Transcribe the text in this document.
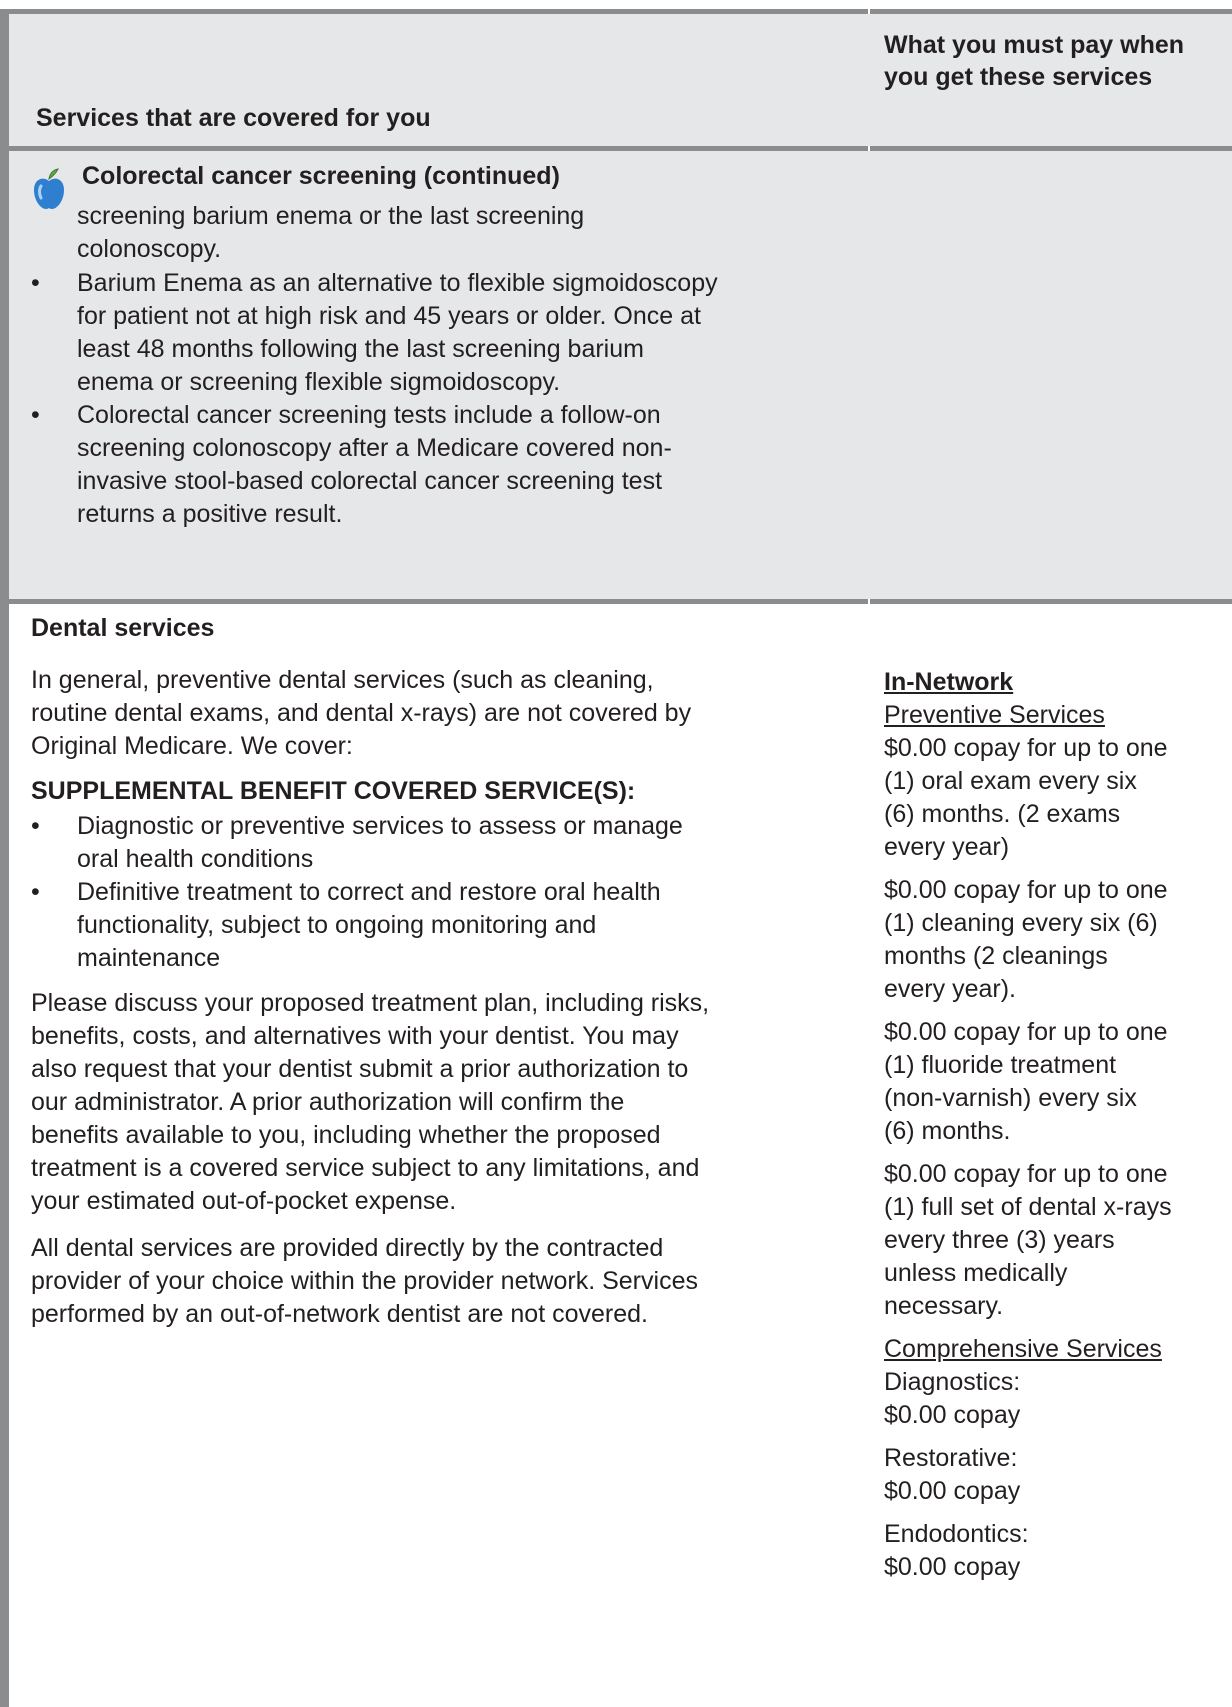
Services that are covered for you
What you must pay when you get these services
Colorectal cancer screening (continued)
screening barium enema or the last screening
colonoscopy.
• Barium Enema as an alternative to flexible sigmoidoscopy
for patient not at high risk and 45 years or older. Once at
least 48 months following the last screening barium
enema or screening flexible sigmoidoscopy.
• Colorectal cancer screening tests include a follow-on
screening colonoscopy after a Medicare covered non-
invasive stool-based colorectal cancer screening test
returns a positive result.
Dental services
In general, preventive dental services (such as cleaning,
routine dental exams, and dental x-rays) are not covered by
Original Medicare. We cover:
SUPPLEMENTAL BENEFIT COVERED SERVICE(S):
• Diagnostic or preventive services to assess or manage
oral health conditions
• Definitive treatment to correct and restore oral health
functionality, subject to ongoing monitoring and
maintenance
Please discuss your proposed treatment plan, including risks,
benefits, costs, and alternatives with your dentist. You may
also request that your dentist submit a prior authorization to
our administrator. A prior authorization will confirm the
benefits available to you, including whether the proposed
treatment is a covered service subject to any limitations, and
your estimated out-of-pocket expense.
All dental services are provided directly by the contracted
provider of your choice within the provider network. Services
performed by an out-of-network dentist are not covered.

In-Network

Preventive Services

$0.00 copay for up to one
(1) oral exam every six
(6) months. (2 exams
every year)

$0.00 copay for up to one
(1) cleaning every six (6)
months (2 cleanings
every year).

$0.00 copay for up to one
(1) fluoride treatment
(non-varnish) every six
(6) months.

$0.00 copay for up to one
(1) full set of dental x-rays
every three (3) years
unless medically
necessary.

Comprehensive Services

Diagnostics:
$0.00 copay

Restorative:
$0.00 copay

Endodontics:
$0.00 copay
